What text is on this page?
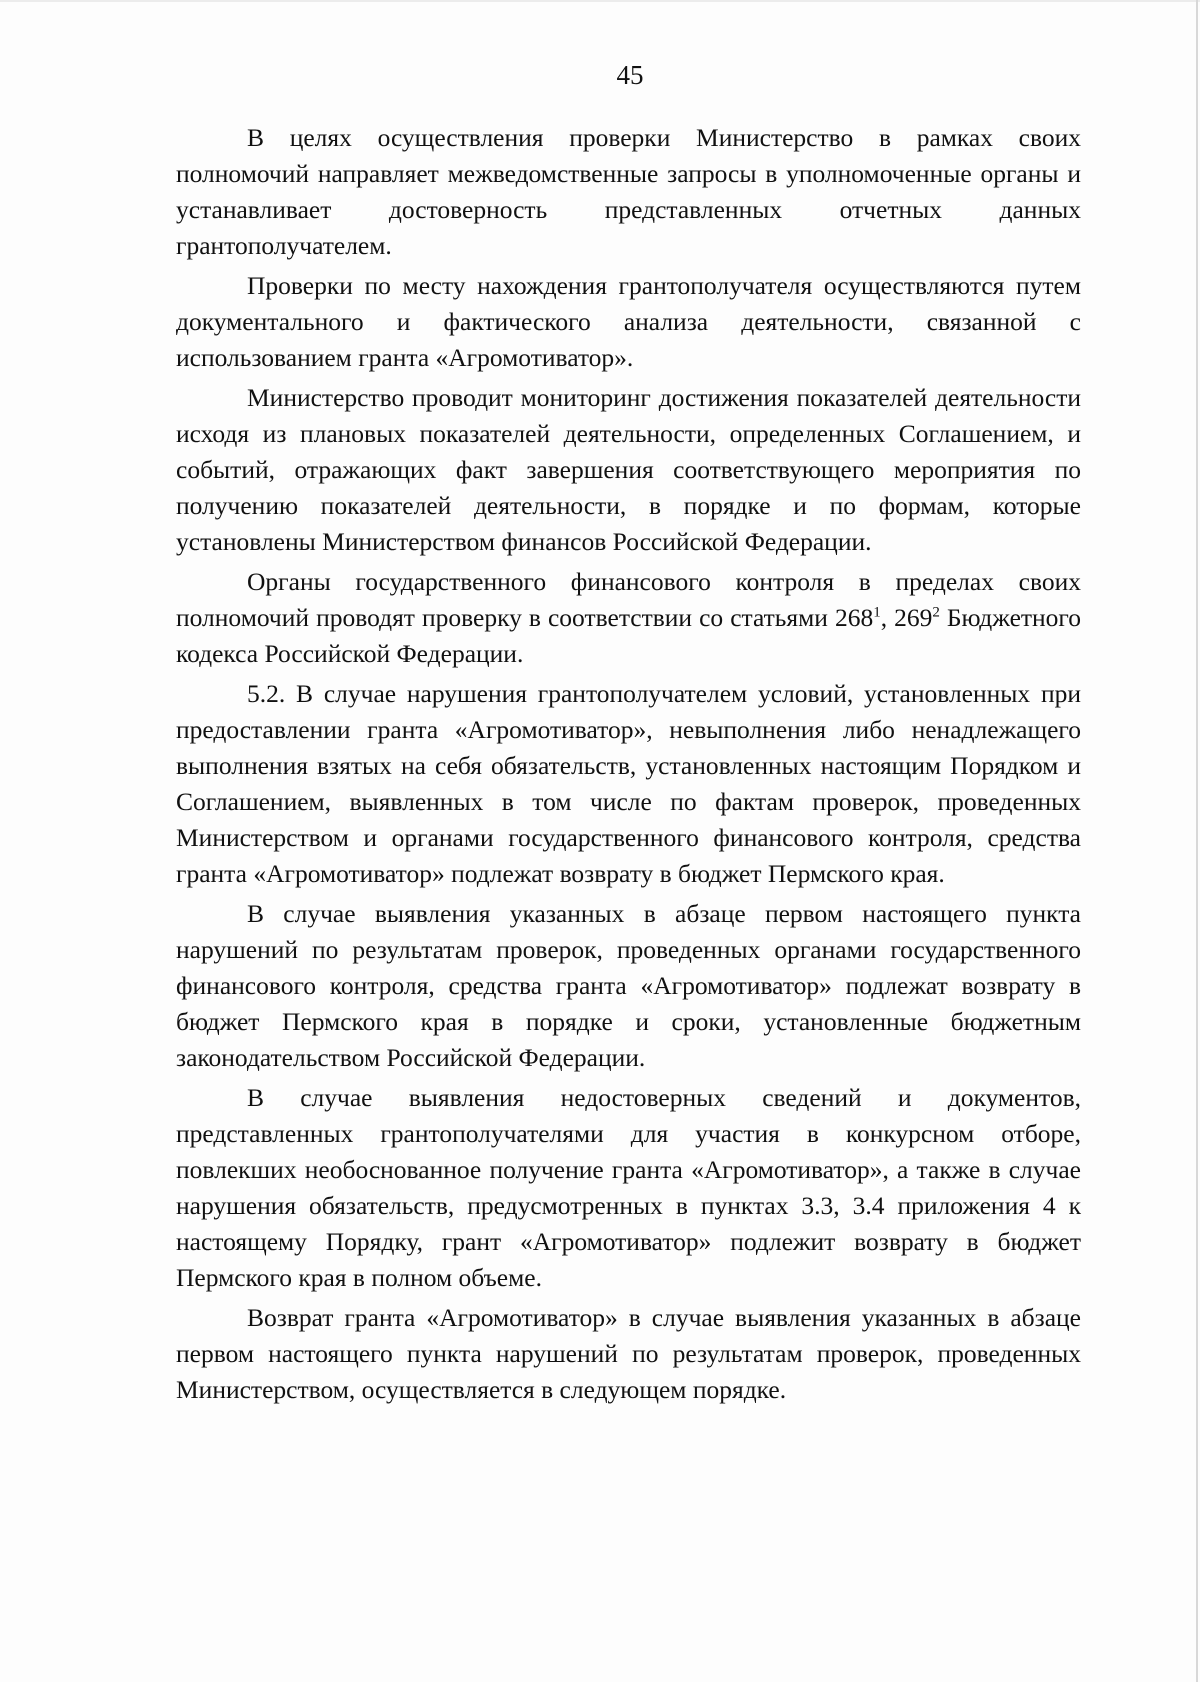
45

В целях осуществления проверки Министерство в рамках своих полномочий направляет межведомственные запросы в уполномоченные органы и устанавливает достоверность представленных отчетных данных грантополучателем.

Проверки по месту нахождения грантополучателя осуществляются путем документального и фактического анализа деятельности, связанной с использованием гранта «Агромотиватор».

Министерство проводит мониторинг достижения показателей деятельности исходя из плановых показателей деятельности, определенных Соглашением, и событий, отражающих факт завершения соответствующего мероприятия по получению показателей деятельности, в порядке и по формам, которые установлены Министерством финансов Российской Федерации.

Органы государственного финансового контроля в пределах своих полномочий проводят проверку в соответствии со статьями $268^1$, $269^2$ Бюджетного кодекса Российской Федерации.

5.2. В случае нарушения грантополучателем условий, установленных при предоставлении гранта «Агромотиватор», невыполнения либо ненадлежащего выполнения взятых на себя обязательств, установленных настоящим Порядком и Соглашением, выявленных в том числе по фактам проверок, проведенных Министерством и органами государственного финансового контроля, средства гранта «Агромотиватор» подлежат возврату в бюджет Пермского края.

В случае выявления указанных в абзаце первом настоящего пункта нарушений по результатам проверок, проведенных органами государственного финансового контроля, средства гранта «Агромотиватор» подлежат возврату в бюджет Пермского края в порядке и сроки, установленные бюджетным законодательством Российской Федерации.

В случае выявления недостоверных сведений и документов, представленных грантополучателями для участия в конкурсном отборе, повлекших необоснованное получение гранта «Агромотиватор», а также в случае нарушения обязательств, предусмотренных в пунктах 3.3, 3.4 приложения 4 к настоящему Порядку, грант «Агромотиватор» подлежит возврату в бюджет Пермского края в полном объеме.

Возврат гранта «Агромотиватор» в случае выявления указанных в абзаце первом настоящего пункта нарушений по результатам проверок, проведенных Министерством, осуществляется в следующем порядке.
